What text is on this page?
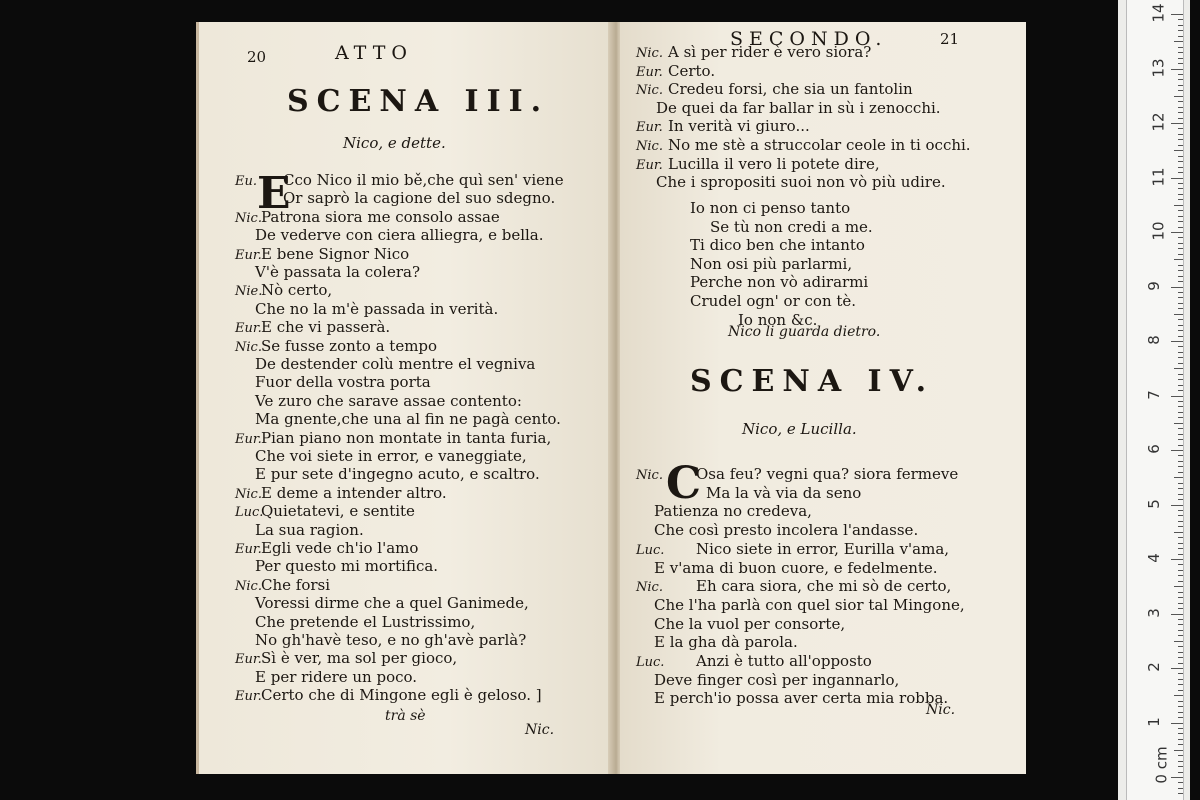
20	ATTO
SCENA III.
Nico, e dette.
E
Eu. Cco Nico il mio bě,che quì sen' viene
Or saprò la cagione del suo sdegno.
Nic. Patrona siora me consolo assae
De vederve con ciera alliegra, e bella.
Eur. E bene Signor Nico
V'è passata la colera?
Nie.
Nò certo,
Che no la m'è passada in verità.
Eur. E che vi passerà.
Nic. Se fusse zonto a tempo
De destender colù mentre el vegniva
Fuor della vostra porta
Ve zuro che sarave assae contento:
Ma gnente,che una al fin ne pagà cento.
Eur. Pian piano non montate in tanta furia,
Che voi siete in error, e vaneggiate,
E pur sete d'ingegno acuto, e scaltro.
Nic. E deme a intender altro.
Luc.
Quietatevi, e sentite
La sua ragion.
Eur. Egli vede ch'io l'amo
Per questo mi mortifica.
Nic. Che forsi
Voressi dirme che a quel Ganimede,
Che pretende el Lustrissimo,
No gh'havè teso, e no gh'avè parlà?
Eur. Sì è ver, ma sol per gioco,
E per ridere un poco.
Eur. Certo che di Mingone egli è geloso. ]
trà sè
Nic.
SECONDO.	21
Nic. A sì per rider è vero siora?
Eur. Certo.
Nic. Credeu forsi, che sia un fantolin
De quei da far ballar in sù i zenocchi.
Eur. In verità vi giuro...
Nic. No me stè a struccolar ceole in ti occhi.
Eur. Lucilla il vero li potete dire,
Che i spropositi suoi non vò più udire.
Io non ci penso tanto
Se tù non credi a me.
Ti dico ben che intanto
Non osi più parlarmi,
Perche non vò adirarmi
Crudel ogn' or con tè.
Io non &c.
Nico li guarda dietro.
SCENA IV.
Nico, e Lucilla.
C
Nic. Osa feu? vegni qua? siora fermeve
Ma la và via da seno
Patienza no credeva,
Che così presto incolera l'andasse.
Luc. Nico siete in error, Eurilla v'ama,
E v'ama di buon cuore, e fedelmente.
Nic. Eh cara siora, che mi sò de certo,
Che l'ha parlà con quel sior tal Mingone,
Che la vuol per consorte,
E la gha dà parola.
Luc. Anzi è tutto all'opposto
Deve finger così per ingannarlo,
E perch'io possa aver certa mia robba.
Nic.
0 cm
14
13
12
11
10
9
8
7
6
5
4
3
2
1
